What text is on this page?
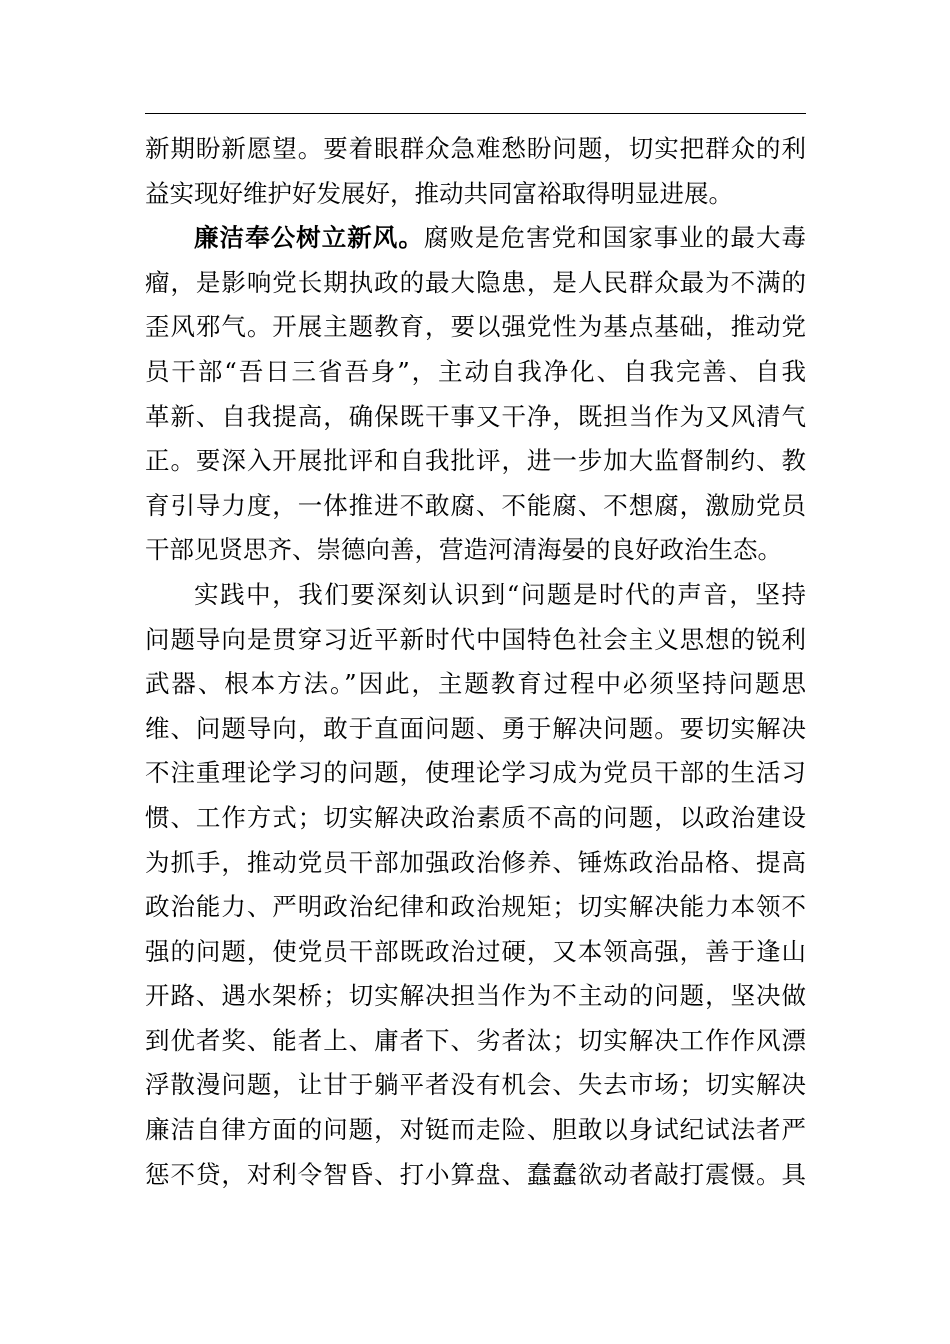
新期盼新愿望。要着眼群众急难愁盼问题，切实把群众的利
益实现好维护好发展好，推动共同富裕取得明显进展。
廉洁奉公树立新风。腐败是危害党和国家事业的最大毒
瘤，是影响党长期执政的最大隐患，是人民群众最为不满的
歪风邪气。开展主题教育，要以强党性为基点基础，推动党
员干部“吾日三省吾身”，主动自我净化、自我完善、自我
革新、自我提高，确保既干事又干净，既担当作为又风清气
正。要深入开展批评和自我批评，进一步加大监督制约、教
育引导力度，一体推进不敢腐、不能腐、不想腐，激励党员
干部见贤思齐、崇德向善，营造河清海晏的良好政治生态。
实践中，我们要深刻认识到“问题是时代的声音，坚持
问题导向是贯穿习近平新时代中国特色社会主义思想的锐利
武器、根本方法。”因此，主题教育过程中必须坚持问题思
维、问题导向，敢于直面问题、勇于解决问题。要切实解决
不注重理论学习的问题，使理论学习成为党员干部的生活习
惯、工作方式；切实解决政治素质不高的问题，以政治建设
为抓手，推动党员干部加强政治修养、锤炼政治品格、提高
政治能力、严明政治纪律和政治规矩；切实解决能力本领不
强的问题，使党员干部既政治过硬，又本领高强，善于逢山
开路、遇水架桥；切实解决担当作为不主动的问题，坚决做
到优者奖、能者上、庸者下、劣者汰；切实解决工作作风漂
浮散漫问题，让甘于躺平者没有机会、失去市场；切实解决
廉洁自律方面的问题，对铤而走险、胆敢以身试纪试法者严
惩不贷，对利令智昏、打小算盘、蠢蠢欲动者敲打震慑。具
